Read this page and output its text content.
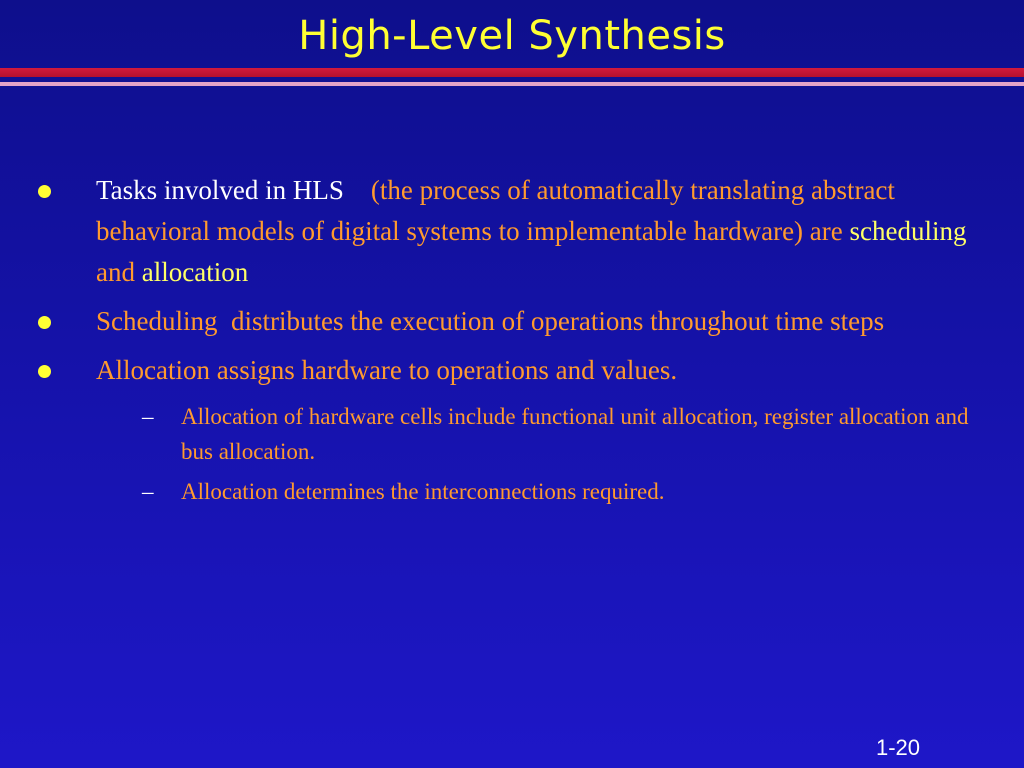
High-Level Synthesis
Tasks involved in HLS (the process of automatically translating abstract behavioral models of digital systems to implementable hardware) are scheduling and allocation
Scheduling  distributes the execution of operations throughout time steps
Allocation assigns hardware to operations and values.
– Allocation of hardware cells include functional unit allocation, register allocation and bus allocation.
– Allocation determines the interconnections required.
1-20
